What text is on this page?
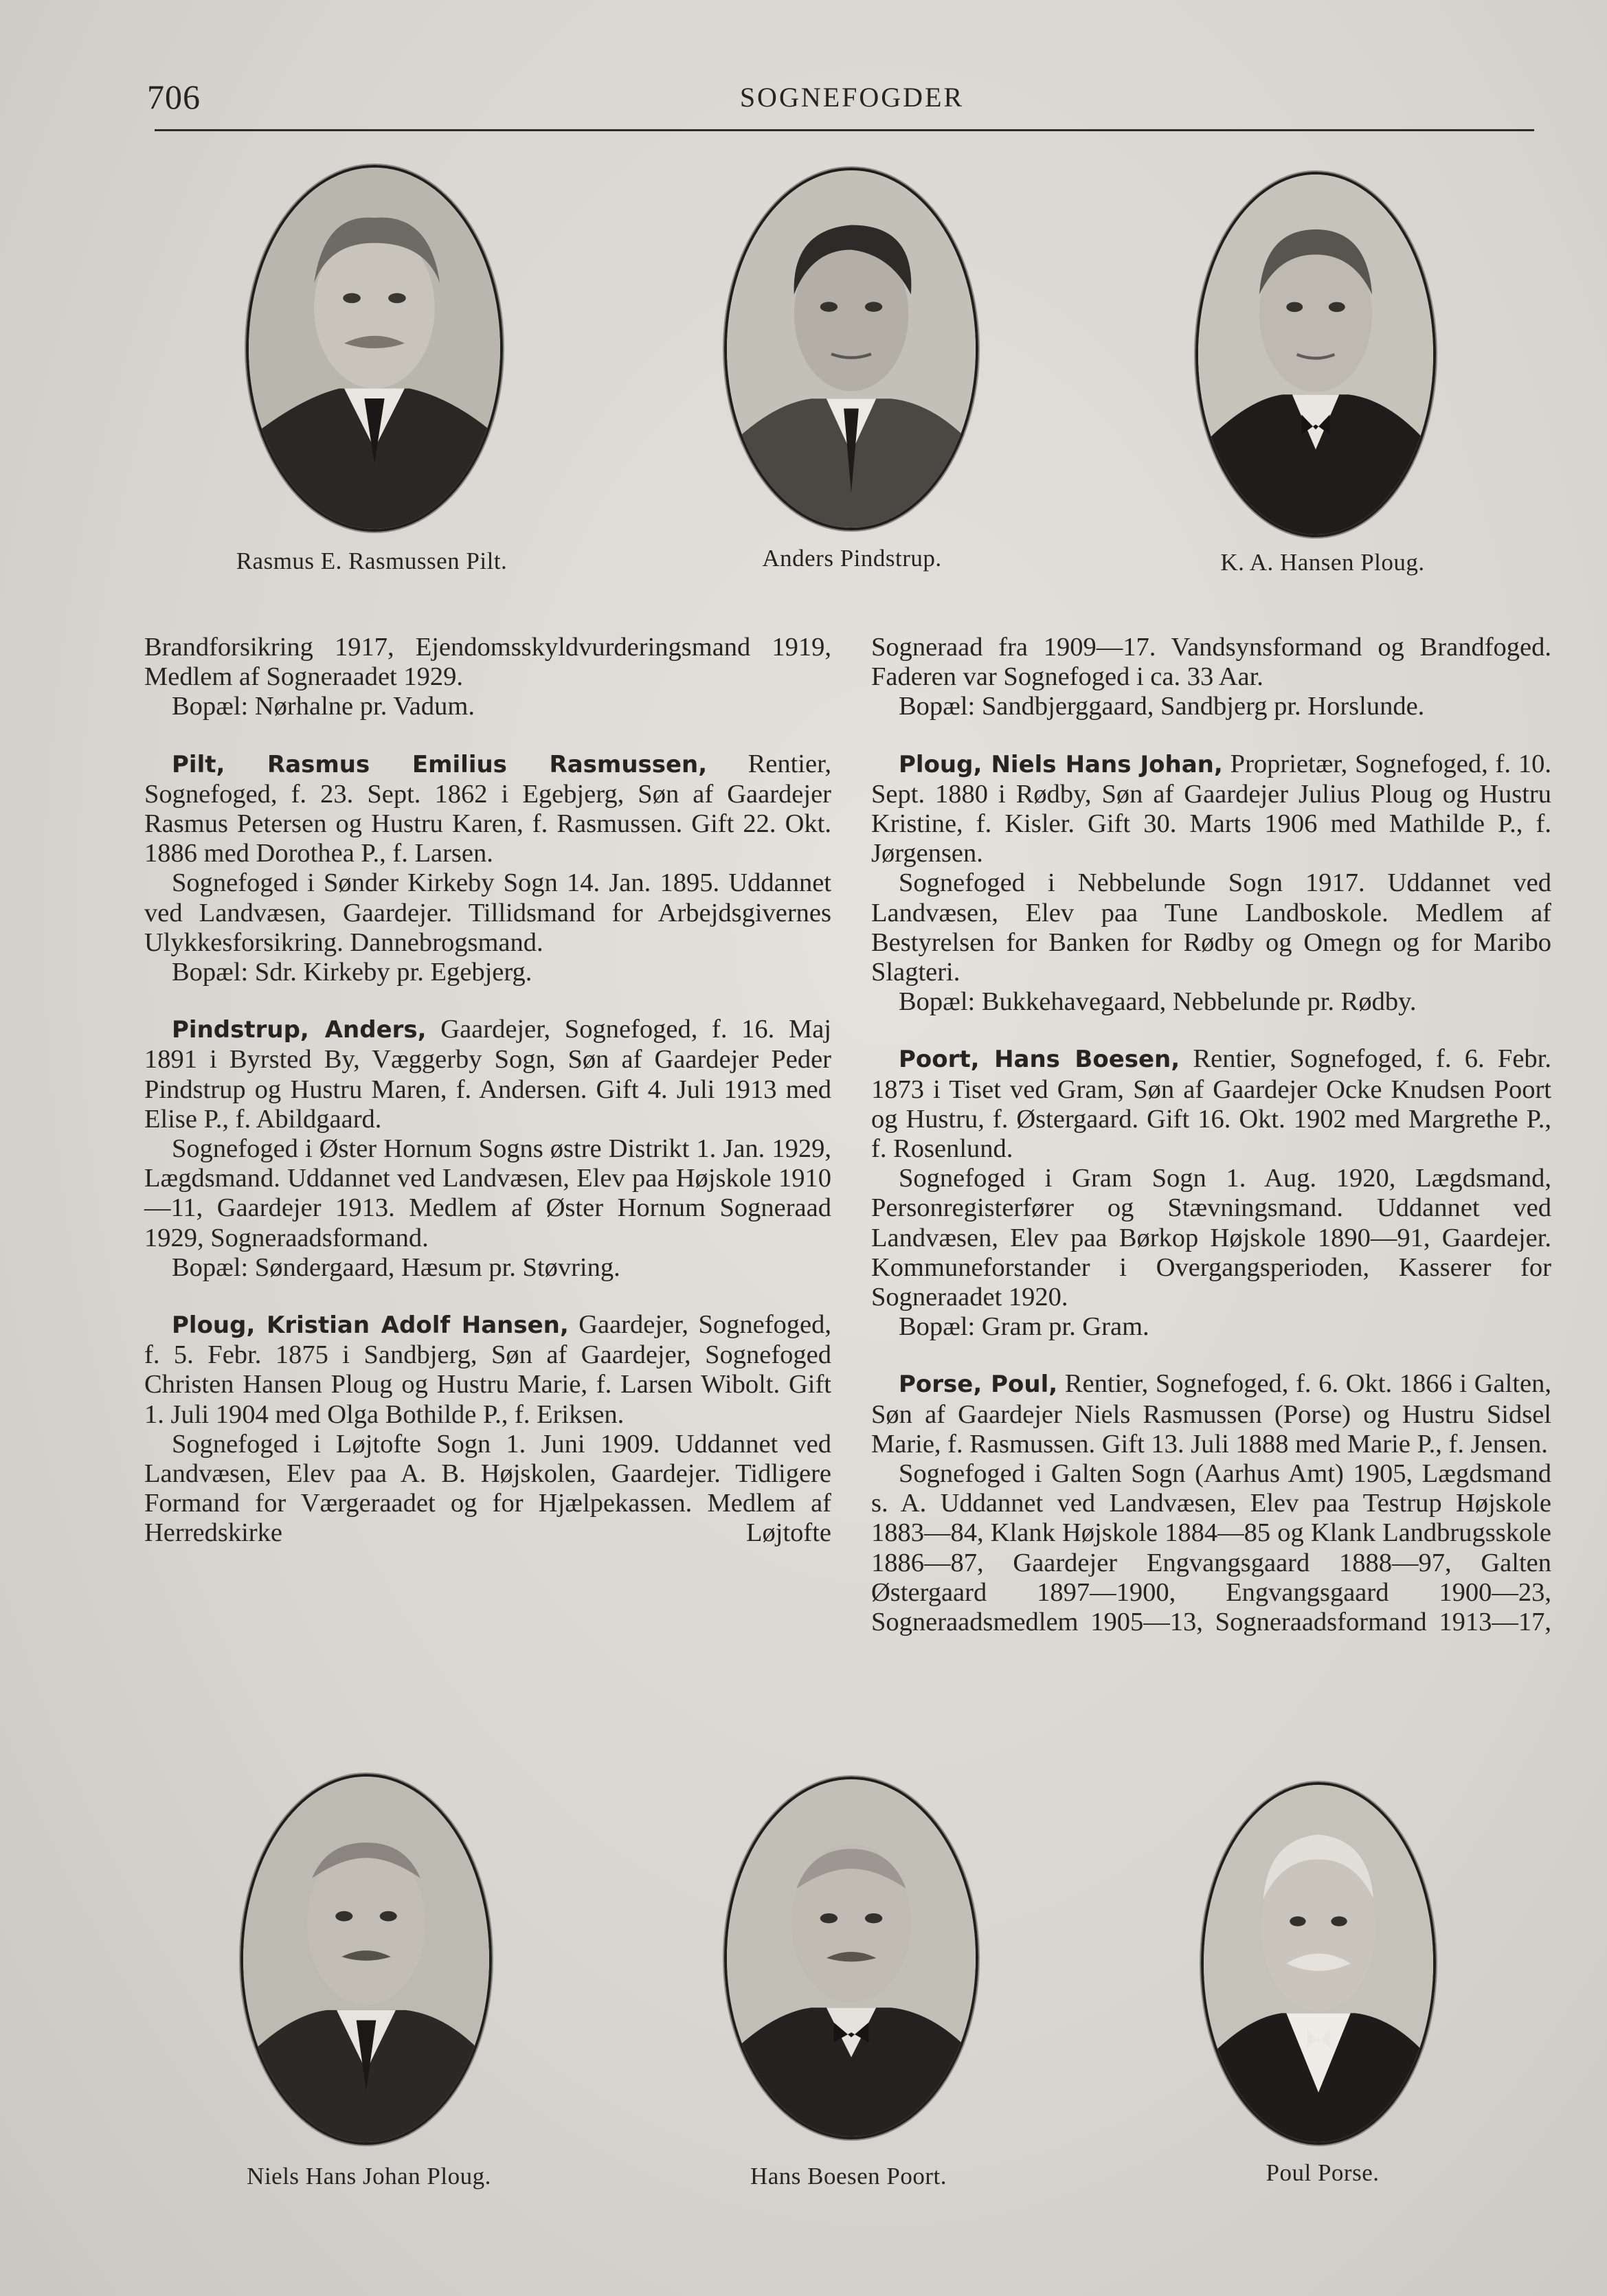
706	SOGNEFOGDER
Rasmus E. Rasmussen Pilt.	Anders Pindstrup.	K. A. Hansen Ploug.

Brandforsikring 1917, Ejendomsskyldvurderingsmand 1919, Medlem af Sogneraadet 1929.

Bopæl: Nørhalne pr. Vadum.

Pilt, Rasmus Emilius Rasmussen, Rentier, Sognefoged, f. 23. Sept. 1862 i Egebjerg, Søn af Gaardejer Rasmus Petersen og Hustru Karen, f. Rasmussen. Gift 22. Okt. 1886 med Dorothea P., f. Larsen.

Sognefoged i Sønder Kirkeby Sogn 14. Jan. 1895. Uddannet ved Landvæsen, Gaardejer. Tillidsmand for Arbejdsgivernes Ulykkesforsikring. Dannebrogsmand.

Bopæl: Sdr. Kirkeby pr. Egebjerg.

Pindstrup, Anders, Gaardejer, Sognefoged, f. 16. Maj 1891 i Byrsted By, Væggerby Sogn, Søn af Gaardejer Peder Pindstrup og Hustru Maren, f. Andersen. Gift 4. Juli 1913 med Elise P., f. Abildgaard.

Sognefoged i Øster Hornum Sogns østre Distrikt 1. Jan. 1929, Lægdsmand. Uddannet ved Landvæsen, Elev paa Højskole 1910—11, Gaardejer 1913. Medlem af Øster Hornum Sogneraad 1929, Sogneraadsformand.

Bopæl: Søndergaard, Hæsum pr. Støvring.

Ploug, Kristian Adolf Hansen, Gaardejer, Sognefoged, f. 5. Febr. 1875 i Sandbjerg, Søn af Gaardejer, Sognefoged Christen Hansen Ploug og Hustru Marie, f. Larsen Wibolt. Gift 1. Juli 1904 med Olga Bothilde P., f. Eriksen.

Sognefoged i Løjtofte Sogn 1. Juni 1909. Uddannet ved Landvæsen, Elev paa A. B. Højskolen, Gaardejer. Tidligere Formand for Værgeraadet og for Hjælpekassen. Medlem af Herredskirke Løjtofte

Sogneraad fra 1909—17. Vandsynsformand og Brandfoged. Faderen var Sognefoged i ca. 33 Aar.

Bopæl: Sandbjerggaard, Sandbjerg pr. Horslunde.

Ploug, Niels Hans Johan, Proprietær, Sognefoged, f. 10. Sept. 1880 i Rødby, Søn af Gaardejer Julius Ploug og Hustru Kristine, f. Kisler. Gift 30. Marts 1906 med Mathilde P., f. Jørgensen.

Sognefoged i Nebbelunde Sogn 1917. Uddannet ved Landvæsen, Elev paa Tune Landboskole. Medlem af Bestyrelsen for Banken for Rødby og Omegn og for Maribo Slagteri.

Bopæl: Bukkehavegaard, Nebbelunde pr. Rødby.

Poort, Hans Boesen, Rentier, Sognefoged, f. 6. Febr. 1873 i Tiset ved Gram, Søn af Gaardejer Ocke Knudsen Poort og Hustru, f. Østergaard. Gift 16. Okt. 1902 med Margrethe P., f. Rosenlund.

Sognefoged i Gram Sogn 1. Aug. 1920, Lægdsmand, Personregisterfører og Stævningsmand. Uddannet ved Landvæsen, Elev paa Børkop Højskole 1890—91, Gaardejer. Kommuneforstander i Overgangsperioden, Kasserer for Sogneraadet 1920.

Bopæl: Gram pr. Gram.

Porse, Poul, Rentier, Sognefoged, f. 6. Okt. 1866 i Galten, Søn af Gaardejer Niels Rasmussen (Porse) og Hustru Sidsel Marie, f. Rasmussen. Gift 13. Juli 1888 med Marie P., f. Jensen.

Sognefoged i Galten Sogn (Aarhus Amt) 1905, Lægdsmand s. A. Uddannet ved Landvæsen, Elev paa Testrup Højskole 1883—84, Klank Højskole 1884—85 og Klank Landbrugsskole 1886—87, Gaardejer Engvangsgaard 1888—97, Galten Østergaard 1897—1900, Engvangsgaard 1900—23, Sogneraadsmedlem 1905—13, Sogneraadsformand 1913—17,

Niels Hans Johan Ploug.	Hans Boesen Poort.	Poul Porse.
